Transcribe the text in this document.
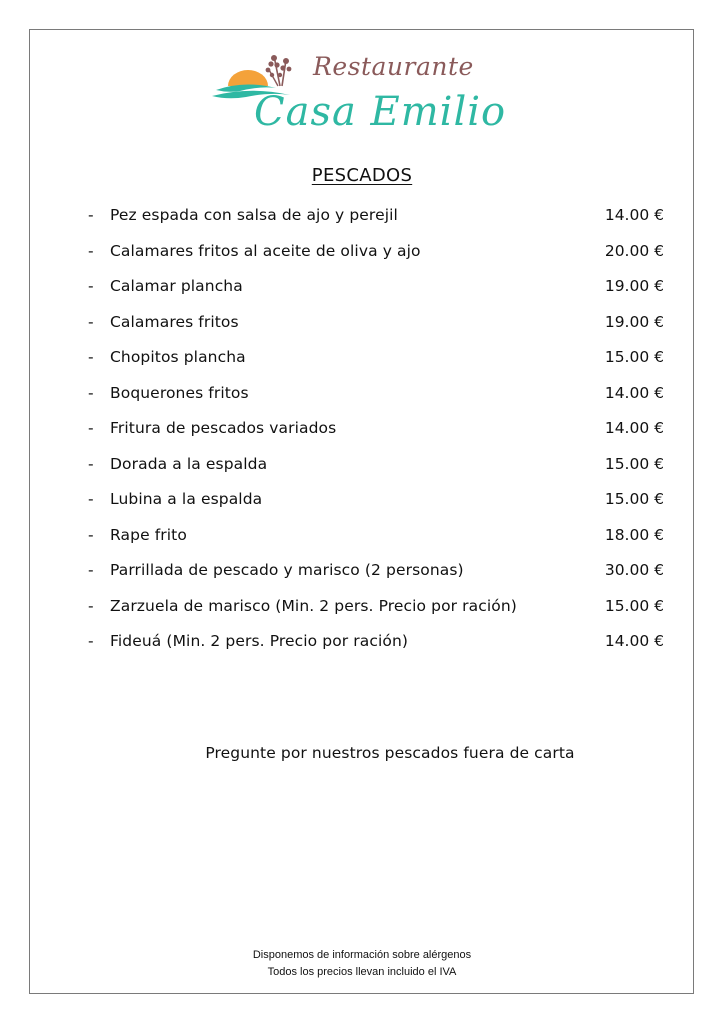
Restaurante
Casa Emilio
PESCADOS
- Pez espada con salsa de ajo y perejil	14.00 €
- Calamares fritos al aceite de oliva y ajo	20.00 €
- Calamar plancha	19.00 €
- Calamares fritos	19.00 €
- Chopitos plancha	15.00 €
- Boquerones fritos	14.00 €
- Fritura de pescados variados	14.00 €
- Dorada a la espalda	15.00 €
- Lubina a la espalda	15.00 €
- Rape frito	18.00 €
- Parrillada de pescado y marisco (2 personas)	30.00 €
- Zarzuela de marisco (Min. 2 pers. Precio por ración)	15.00 €
- Fideuá (Min. 2 pers. Precio por ración)	14.00 €
Pregunte por nuestros pescados fuera de carta
Disponemos de información sobre alérgenos
Todos los precios llevan incluido el IVA
